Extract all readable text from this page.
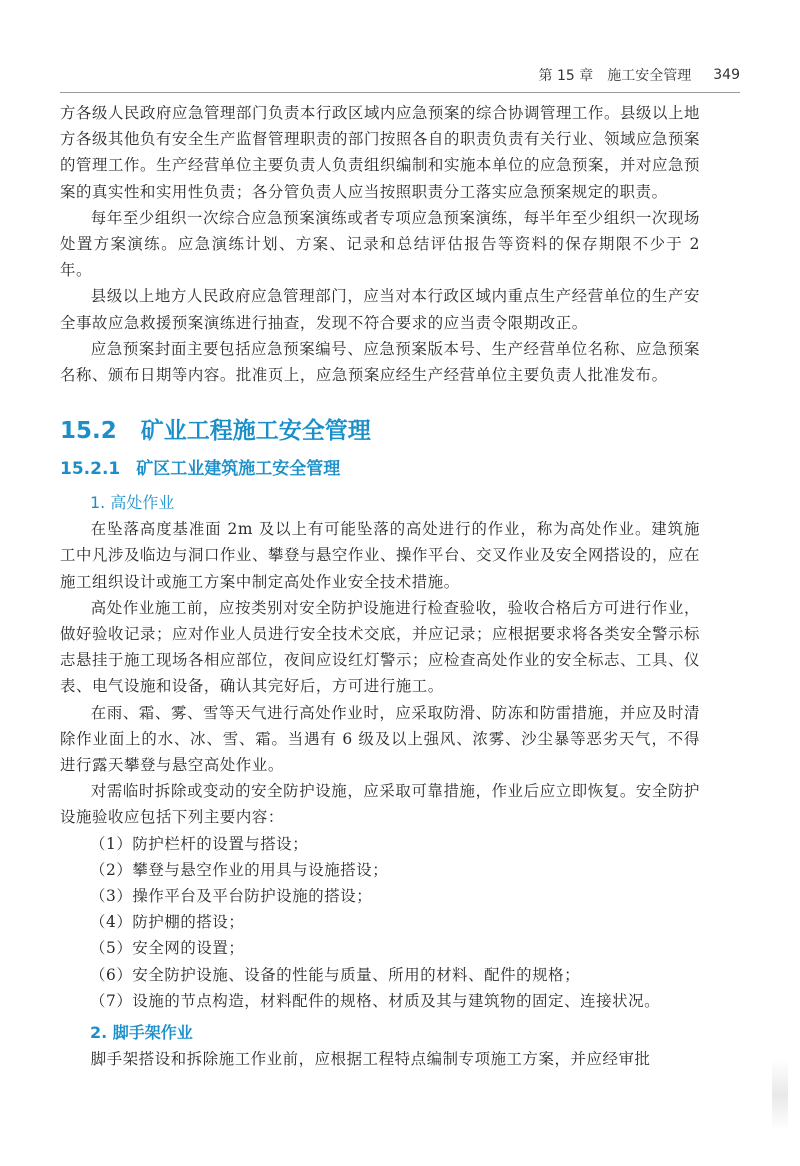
第 15 章　施工安全管理 349

方各级人民政府应急管理部门负责本行政区域内应急预案的综合协调管理工作。县级以上地方各级其他负有安全生产监督管理职责的部门按照各自的职责负责有关行业、领域应急预案的管理工作。生产经营单位主要负责人负责组织编制和实施本单位的应急预案，并对应急预案的真实性和实用性负责；各分管负责人应当按照职责分工落实应急预案规定的职责。

每年至少组织一次综合应急预案演练或者专项应急预案演练，每半年至少组织一次现场处置方案演练。应急演练计划、方案、记录和总结评估报告等资料的保存期限不少于 2 年。

县级以上地方人民政府应急管理部门，应当对本行政区域内重点生产经营单位的生产安全事故应急救援预案演练进行抽查，发现不符合要求的应当责令限期改正。

应急预案封面主要包括应急预案编号、应急预案版本号、生产经营单位名称、应急预案名称、颁布日期等内容。批准页上，应急预案应经生产经营单位主要负责人批准发布。

15.2 矿业工程施工安全管理
15.2.1 矿区工业建筑施工安全管理
1. 高处作业

在坠落高度基准面 2m 及以上有可能坠落的高处进行的作业，称为高处作业。建筑施工中凡涉及临边与洞口作业、攀登与悬空作业、操作平台、交叉作业及安全网搭设的，应在施工组织设计或施工方案中制定高处作业安全技术措施。

高处作业施工前，应按类别对安全防护设施进行检查验收，验收合格后方可进行作业，做好验收记录；应对作业人员进行安全技术交底，并应记录；应根据要求将各类安全警示标志悬挂于施工现场各相应部位，夜间应设红灯警示；应检查高处作业的安全标志、工具、仪表、电气设施和设备，确认其完好后，方可进行施工。

在雨、霜、雾、雪等天气进行高处作业时，应采取防滑、防冻和防雷措施，并应及时清除作业面上的水、冰、雪、霜。当遇有 6 级及以上强风、浓雾、沙尘暴等恶劣天气，不得进行露天攀登与悬空高处作业。

对需临时拆除或变动的安全防护设施，应采取可靠措施，作业后应立即恢复。安全防护设施验收应包括下列主要内容：

（1）防护栏杆的设置与搭设；
（2）攀登与悬空作业的用具与设施搭设；
（3）操作平台及平台防护设施的搭设；
（4）防护棚的搭设；
（5）安全网的设置；
（6）安全防护设施、设备的性能与质量、所用的材料、配件的规格；
（7）设施的节点构造，材料配件的规格、材质及其与建筑物的固定、连接状况。
2. 脚手架作业

脚手架搭设和拆除施工作业前，应根据工程特点编制专项施工方案，并应经审批
